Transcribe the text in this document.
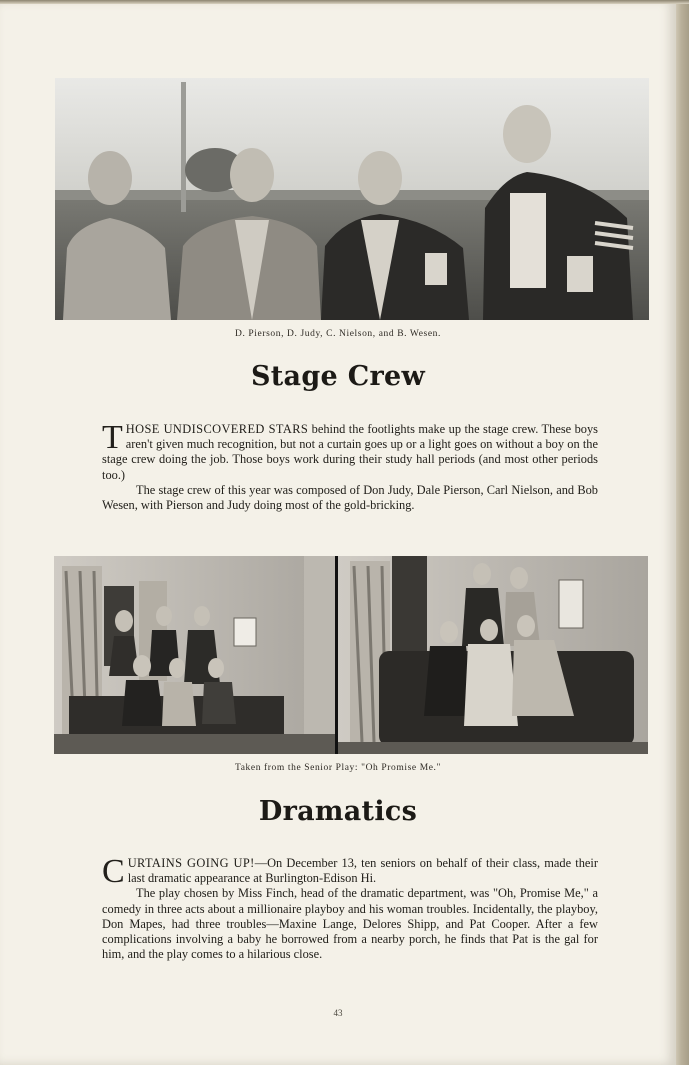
D. Pierson, D. Judy, C. Nielson, and B. Wesen.
Stage Crew

THOSE UNDISCOVERED STARS behind the footlights make up the stage crew. These boys aren't given much recognition, but not a curtain goes up or a light goes on without a boy on the stage crew doing the job. Those boys work during their study hall periods (and most other periods too.)

The stage crew of this year was composed of Don Judy, Dale Pierson, Carl Nielson, and Bob Wesen, with Pierson and Judy doing most of the gold-bricking.

Taken from the Senior Play: "Oh Promise Me."
Dramatics

CURTAINS GOING UP!—On December 13, ten seniors on behalf of their class, made their last dramatic appearance at Burlington-Edison Hi.

The play chosen by Miss Finch, head of the dramatic department, was "Oh, Promise Me," a comedy in three acts about a millionaire playboy and his woman troubles. Incidentally, the playboy, Don Mapes, had three troubles—Maxine Lange, Delores Shipp, and Pat Cooper. After a few complications involving a baby he borrowed from a nearby porch, he finds that Pat is the gal for him, and the play comes to a hilarious close.

43
